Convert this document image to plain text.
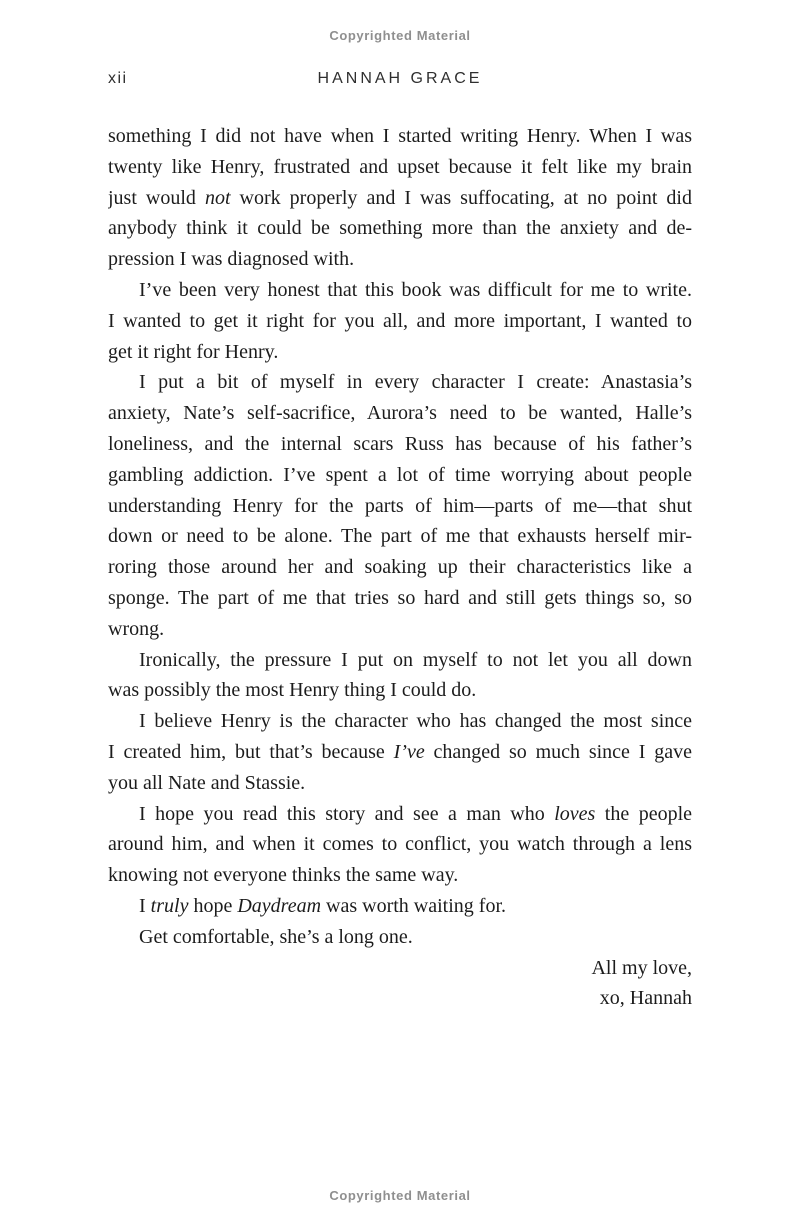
Copyrighted Material
xii	HANNAH GRACE
something I did not have when I started writing Henry. When I was
twenty like Henry, frustrated and upset because it felt like my brain
just would not work properly and I was suffocating, at no point did
anybody think it could be something more than the anxiety and de-
pression I was diagnosed with.
I’ve been very honest that this book was difficult for me to write.
I wanted to get it right for you all, and more important, I wanted to
get it right for Henry.
I put a bit of myself in every character I create: Anastasia’s
anxiety, Nate’s self-sacrifice, Aurora’s need to be wanted, Halle’s
loneliness, and the internal scars Russ has because of his father’s
gambling addiction. I’ve spent a lot of time worrying about people
understanding Henry for the parts of him—parts of me—that shut
down or need to be alone. The part of me that exhausts herself mir-
roring those around her and soaking up their characteristics like a
sponge. The part of me that tries so hard and still gets things so, so
wrong.
Ironically, the pressure I put on myself to not let you all down
was possibly the most Henry thing I could do.
I believe Henry is the character who has changed the most since
I created him, but that’s because I’ve changed so much since I gave
you all Nate and Stassie.
I hope you read this story and see a man who loves the people
around him, and when it comes to conflict, you watch through a lens
knowing not everyone thinks the same way.
I truly hope Daydream was worth waiting for.
Get comfortable, she’s a long one.
All my love,
xo, Hannah
Copyrighted Material
